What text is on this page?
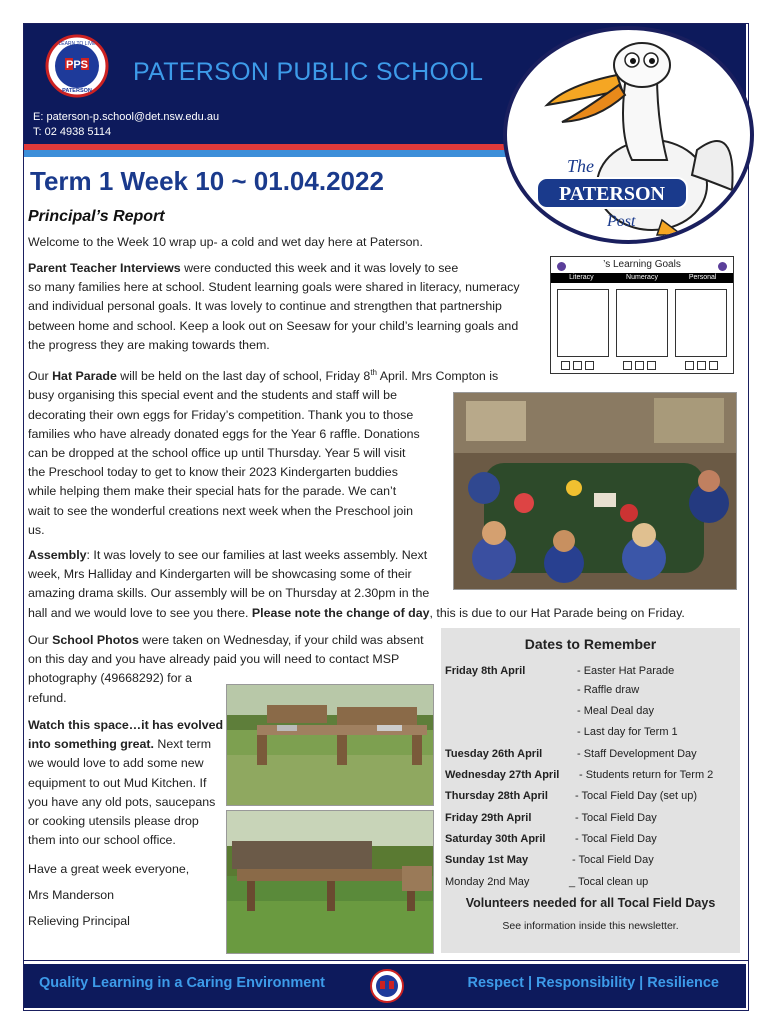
PPS
LEARN TO LIVE
PATERSON
PATERSON PUBLIC SCHOOL
E: paterson-p.school@det.nsw.edu.au
T: 02 4938 5114
PATERSON
The
Post
Term 1 Week 10 ~ 01.04.2022
Principal’s Report
Welcome to the Week 10 wrap up- a cold and wet day here at Paterson.
Parent Teacher Interviews were conducted this week and it was lovely to see
so many families here at school. Student learning goals were shared in literacy, numeracy
and individual personal goals. It was lovely to continue and strengthen that partnership
between home and school. Keep a look out on Seesaw for your child’s learning goals and
the progress they are making towards them.
’s Learning Goals
Literacy	Numeracy	Personal
Our Hat Parade will be held on the last day of school, Friday 8th April. Mrs Compton is
busy organising this special event and the students and staff will be
decorating their own eggs for Friday’s competition. Thank you to those
families who have already donated eggs for the Year 6 raffle. Donations
can be dropped at the school office up until Thursday. Year 5 will visit
the Preschool today to get to know their 2023 Kindergarten buddies
while helping them make their special hats for the parade. We can’t
wait to see the wonderful creations next week when the Preschool join
us.
Assembly: It was lovely to see our families at last weeks assembly. Next
week, Mrs Halliday and Kindergarten will be showcasing some of their
amazing drama skills. Our assembly will be on Thursday at 2.30pm in the
hall and we would love to see you there. Please note the change of day, this is due to our Hat Parade being on Friday.
Our School Photos were taken on Wednesday, if your child was absent
on this day and you have already paid you will need to contact MSP
photography (49668292) for a
refund.
Watch this space…it has evolved
into something great. Next term
we would love to add some new
equipment to out Mud Kitchen. If
you have any old pots, saucepans
or cooking utensils please drop
them into our school office.
Have a great week everyone,
Mrs Manderson
Relieving Principal
Dates to Remember
Friday 8th April	- Easter Hat Parade
- Raffle draw
- Meal Deal day
- Last day for Term 1
Tuesday 26th April	- Staff Development Day
Wednesday 27th April - Students return for Term 2
Thursday 28th April - Tocal Field Day (set up)
Friday 29th April	- Tocal Field Day
Saturday 30th April	- Tocal Field Day
Sunday 1st May	- Tocal Field Day
Monday 2nd May	_ Tocal clean up
Volunteers needed for all Tocal Field Days
See information inside this newsletter.
Quality Learning in a Caring Environment	Respect | Responsibility | Resilience
